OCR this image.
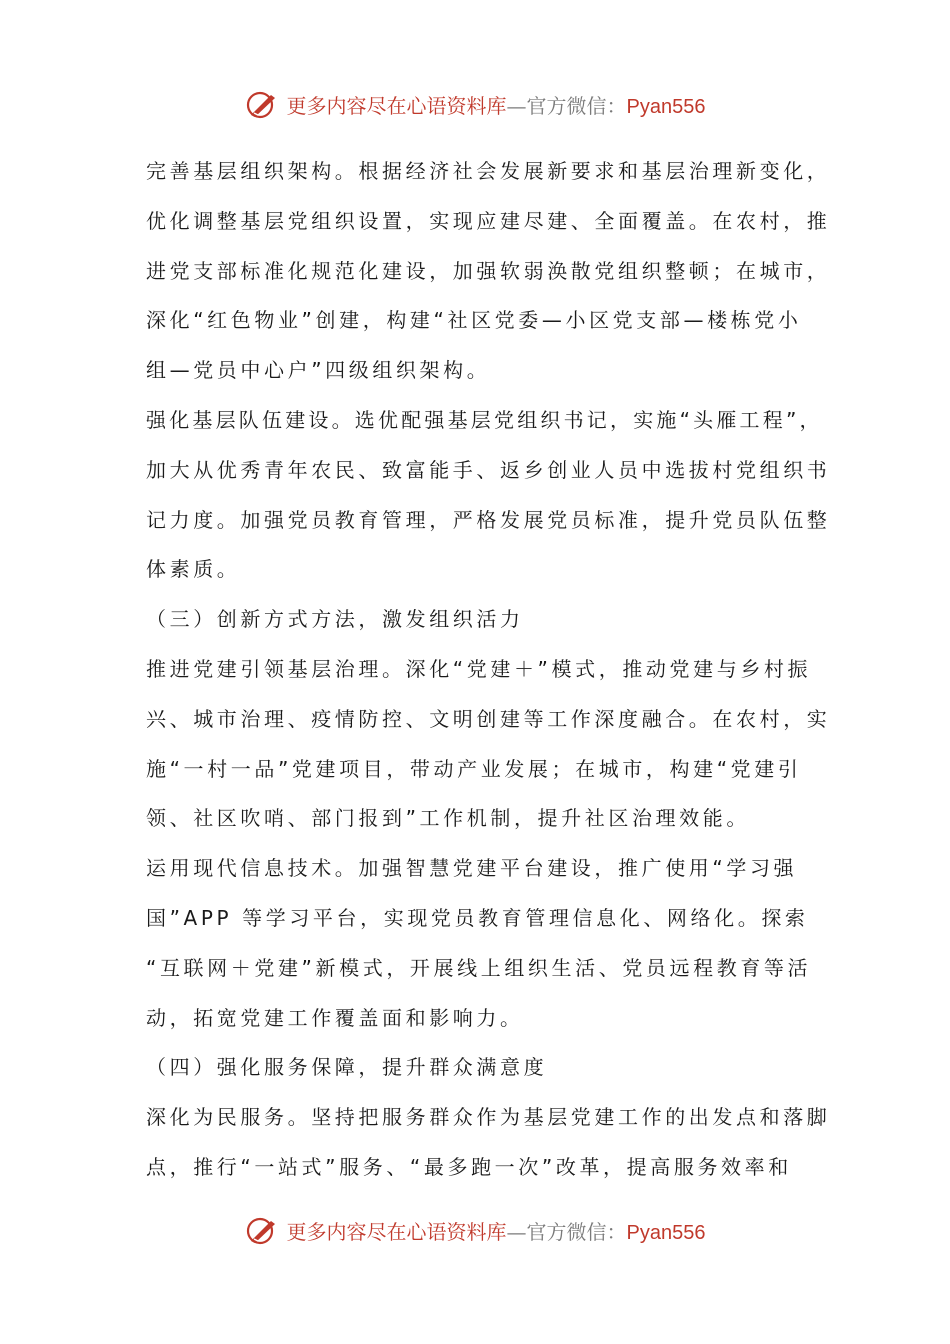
更多内容尽在心语资料库—官方微信：Pyan556
完善基层组织架构。根据经济社会发展新要求和基层治理新变化，
优化调整基层党组织设置，实现应建尽建、全面覆盖。在农村，推
进党支部标准化规范化建设，加强软弱涣散党组织整顿；在城市，
深化“红色物业”创建，构建“社区党委—小区党支部—楼栋党小
组—党员中心户”四级组织架构。
强化基层队伍建设。选优配强基层党组织书记，实施“头雁工程”，
加大从优秀青年农民、致富能手、返乡创业人员中选拔村党组织书
记力度。加强党员教育管理，严格发展党员标准，提升党员队伍整
体素质。
（三）创新方式方法，激发组织活力
推进党建引领基层治理。深化“党建＋”模式，推动党建与乡村振
兴、城市治理、疫情防控、文明创建等工作深度融合。在农村，实
施“一村一品”党建项目，带动产业发展；在城市，构建“党建引
领、社区吹哨、部门报到”工作机制，提升社区治理效能。
运用现代信息技术。加强智慧党建平台建设，推广使用“学习强
国”APP 等学习平台，实现党员教育管理信息化、网络化。探索
“互联网＋党建”新模式，开展线上组织生活、党员远程教育等活
动，拓宽党建工作覆盖面和影响力。
（四）强化服务保障，提升群众满意度
深化为民服务。坚持把服务群众作为基层党建工作的出发点和落脚
点，推行“一站式”服务、“最多跑一次”改革，提高服务效率和
更多内容尽在心语资料库—官方微信：Pyan556
